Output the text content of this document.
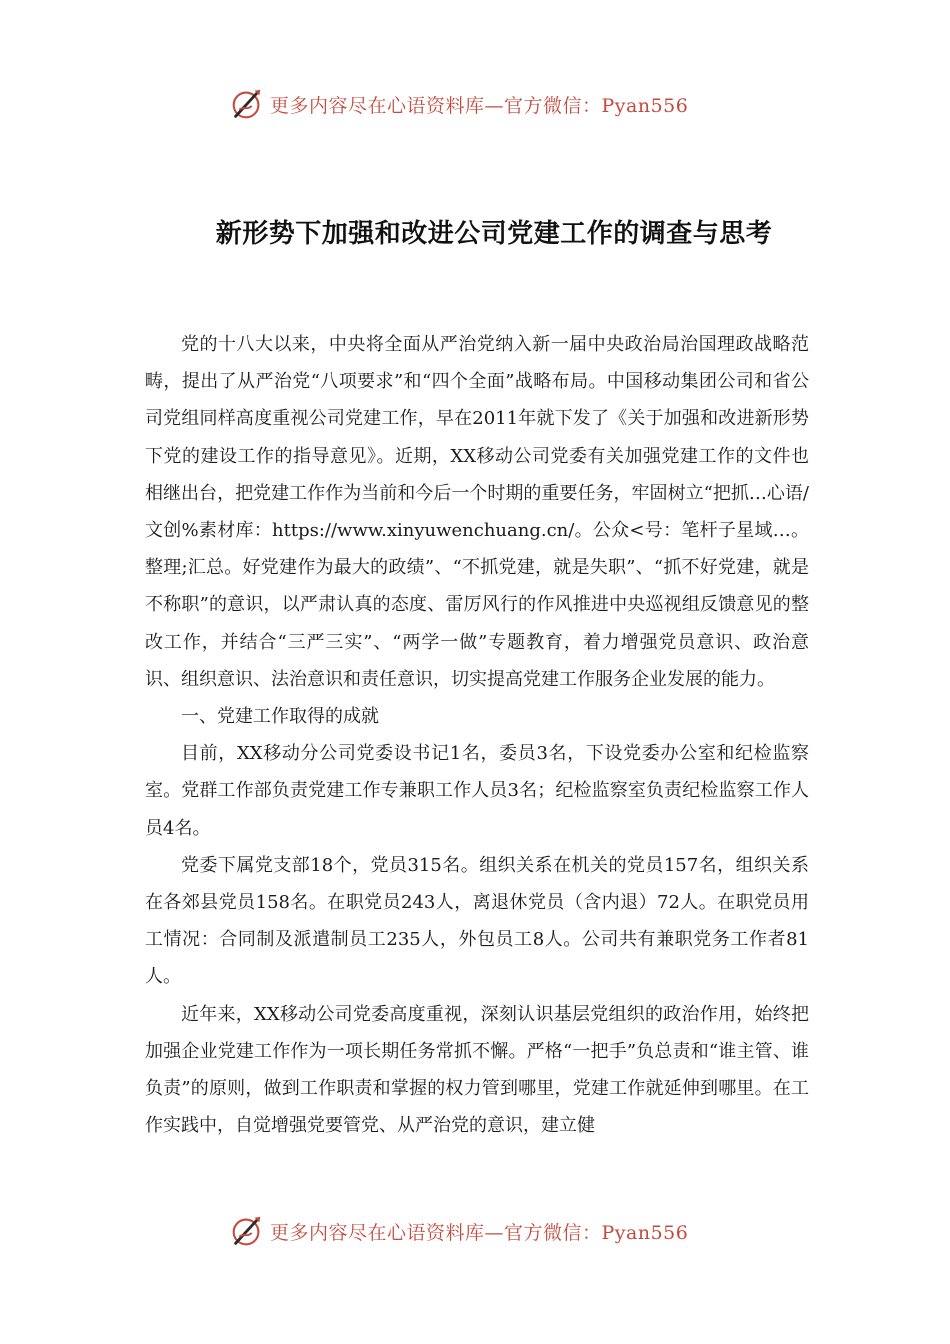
更多内容尽在心语资料库—官方微信：Pyan556
新形势下加强和改进公司党建工作的调查与思考

党的十八大以来，中央将全面从严治党纳入新一届中央政治局治国理政战略范畴，提出了从严治党“八项要求”和“四个全面”战略布局。中国移动集团公司和省公司党组同样高度重视公司党建工作，早在2011年就下发了《关于加强和改进新形势下党的建设工作的指导意见》。近期，XX移动公司党委有关加强党建工作的文件也相继出台，把党建工作作为当前和今后一个时期的重要任务，牢固树立“把抓…心语/文创%素材库：https://www.xinyuwenchuang.cn/。公众<号：笔杆子星域…。整理;汇总。好党建作为最大的政绩”、“不抓党建，就是失职”、“抓不好党建，就是不称职”的意识，以严肃认真的态度、雷厉风行的作风推进中央巡视组反馈意见的整改工作，并结合“三严三实”、“两学一做”专题教育，着力增强党员意识、政治意识、组织意识、法治意识和责任意识，切实提高党建工作服务企业发展的能力。

一、党建工作取得的成就

目前，XX移动分公司党委设书记1名，委员3名，下设党委办公室和纪检监察室。党群工作部负责党建工作专兼职工作人员3名；纪检监察室负责纪检监察工作人员4名。

党委下属党支部18个，党员315名。组织关系在机关的党员157名，组织关系在各郊县党员158名。在职党员243人，离退休党员（含内退）72人。在职党员用工情况：合同制及派遣制员工235人，外包员工8人。公司共有兼职党务工作者81人。

近年来，XX移动公司党委高度重视，深刻认识基层党组织的政治作用，始终把加强企业党建工作作为一项长期任务常抓不懈。严格“一把手”负总责和“谁主管、谁负责”的原则，做到工作职责和掌握的权力管到哪里，党建工作就延伸到哪里。在工作实践中，自觉增强党要管党、从严治党的意识，建立健

更多内容尽在心语资料库—官方微信：Pyan556
